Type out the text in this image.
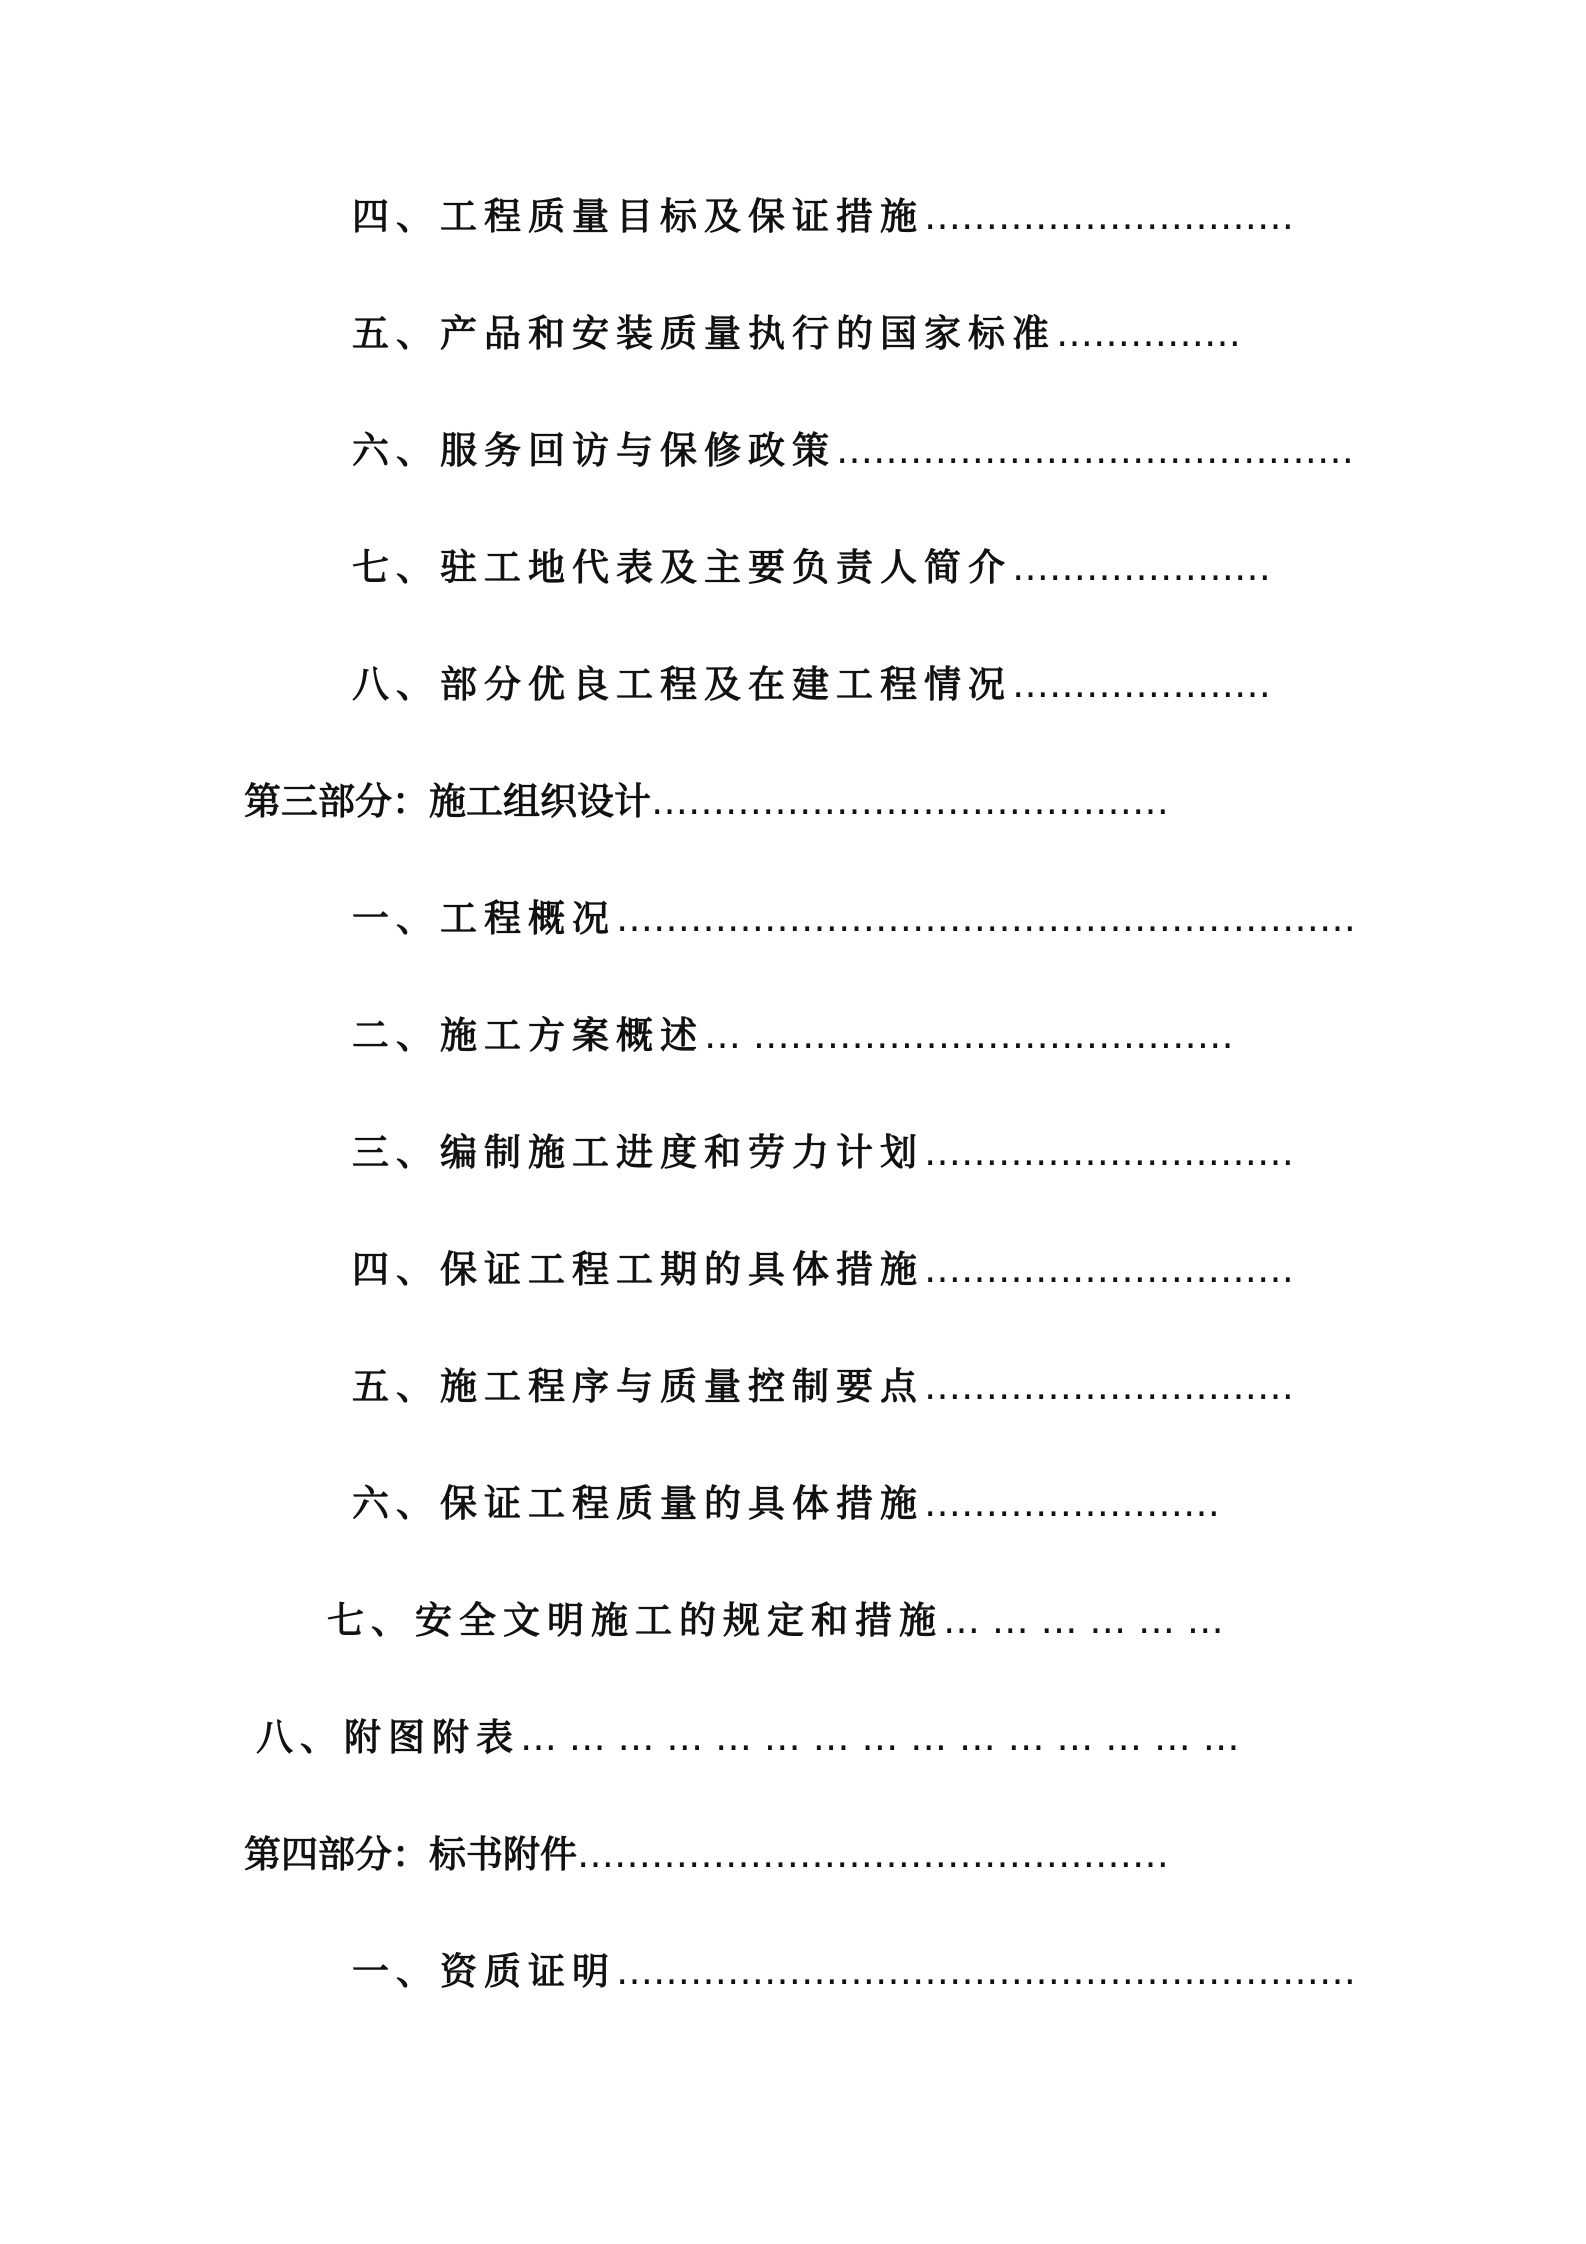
四、工程质量目标及保证措施…………………………
五、产品和安装质量执行的国家标准……………
六、服务回访与保修政策……………………………………
七、驻工地代表及主要负责人简介…………………
八、部分优良工程及在建工程情况…………………
第三部分：施工组织设计……………………………………
一、工程概况……………………………………………………
二、施工方案概述… …………………………………
三、编制施工进度和劳力计划…………………………
四、保证工程工期的具体措施…………………………
五、施工程序与质量控制要点…………………………
六、保证工程质量的具体措施……………………
七、安全文明施工的规定和措施… … … … … …
八、附图附表… … … … … … … … … … … … … … …
第四部分：标书附件…………………………………………
一、资质证明……………………………………………………
